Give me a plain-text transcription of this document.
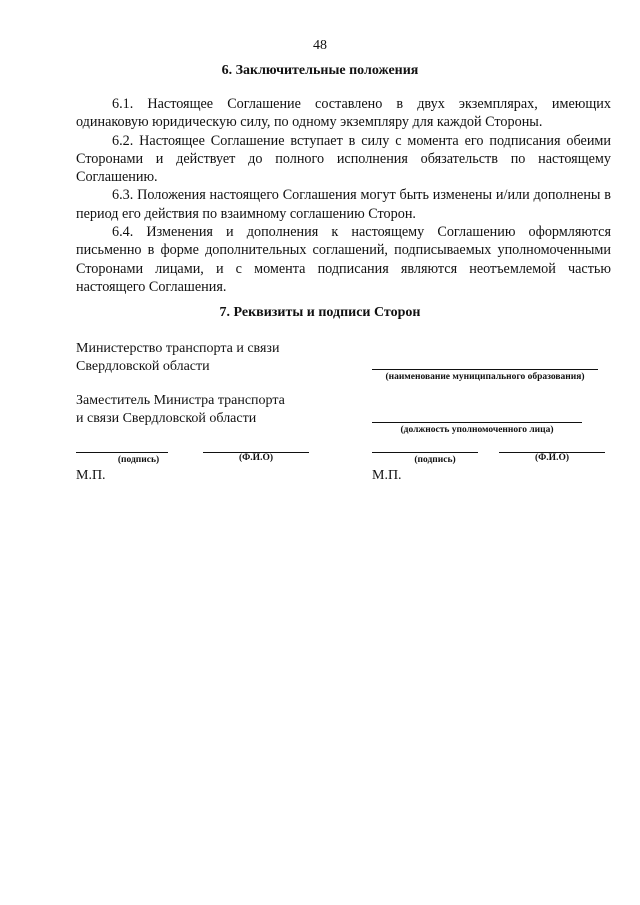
48
6. Заключительные положения

6.1. Настоящее Соглашение составлено в двух экземплярах, имеющих одинаковую юридическую силу, по одному экземпляру для каждой Стороны.

6.2. Настоящее Соглашение вступает в силу с момента его подписания обеими Сторонами и действует до полного исполнения обязательств по настоящему Соглашению.

6.3. Положения настоящего Соглашения могут быть изменены и/или дополнены в период его действия по взаимному соглашению Сторон.

6.4. Изменения и дополнения к настоящему Соглашению оформляются письменно в форме дополнительных соглашений, подписываемых уполномоченными Сторонами лицами, и с момента подписания являются неотъемлемой частью настоящего Соглашения.

7. Реквизиты и подписи Сторон
Министерство транспорта и связи
Свердловской области
Заместитель Министра транспорта
и связи Свердловской области
(подпись)	(Ф.И.О)
М.П.
(наименование муниципального образования)
(должность уполномоченного лица)
(подпись)	(Ф.И.О)
М.П.
